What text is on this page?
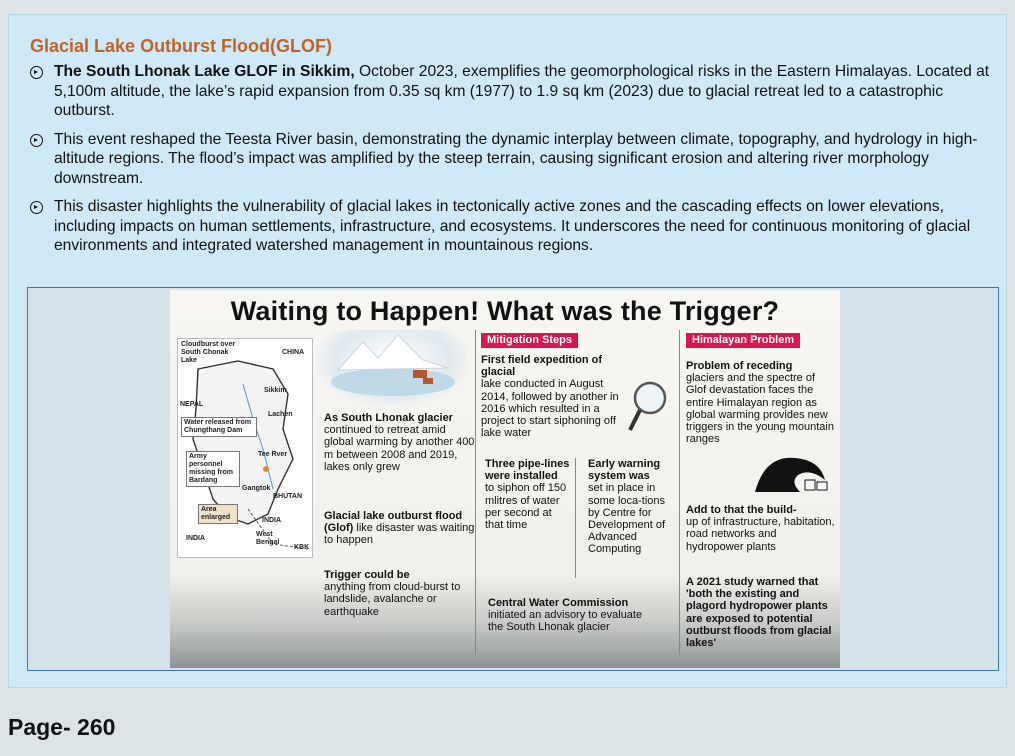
Glacial Lake Outburst Flood(GLOF)
The South Lhonak Lake GLOF in Sikkim, October 2023, exemplifies the geomorphological risks in the Eastern Himalayas. Located at 5,100m altitude, the lake’s rapid expansion from 0.35 sq km (1977) to 1.9 sq km (2023) due to glacial retreat led to a catastrophic outburst.
This event reshaped the Teesta River basin, demonstrating the dynamic interplay between climate, topography, and hydrology in high-altitude regions. The flood’s impact was amplified by the steep terrain, causing significant erosion and altering river morphology downstream.
This disaster highlights the vulnerability of glacial lakes in tectonically active zones and the cascading effects on lower elevations, including impacts on human settlements, infrastructure, and ecosystems. It underscores the need for continuous monitoring of glacial environments and integrated watershed management in mountainous regions.
Waiting to Happen! What was the Trigger?
Cloudburst over South Chonak Lake
CHINA
NEPAL
Sikkim
Lachen
Water released from Chungthang Dam
Tee Rver
Army personnel missing from Bardang
Gangtok
BHUTAN
Area enlarged
INDIA
INDIA
West Bengal
KBK

As South Lhonak glacier
continued to retreat amid global warming by another 400 m between 2008 and 2019, lakes only grew

Glacial lake outburst flood (Glof) like disaster was waiting to happen

Trigger could be
anything from cloud-burst to landslide, avalanche or earthquake

Mitigation Steps

First field expedition of glacial
lake conducted in August 2014, followed by another in 2016 which resulted in a project to start siphoning off lake water

Three pipe-lines were installed
to siphon off 150 mlitres of water per second at that time

Early warning system was
set in place in some loca-tions by Centre for Development of Advanced Computing

Central Water Commission
initiated an advisory to evaluate the South Lhonak glacier

Himalayan Problem

Problem of receding
glaciers and the spectre of Glof devastation faces the entire Himalayan region as global warming provides new triggers in the young mountain ranges

Add to that the build-
up of infrastructure, habitation, road networks and hydropower plants

A 2021 study warned that 'both the existing and plagord hydropower plants are exposed to potential outburst floods from glacial lakes'

Page- 260
